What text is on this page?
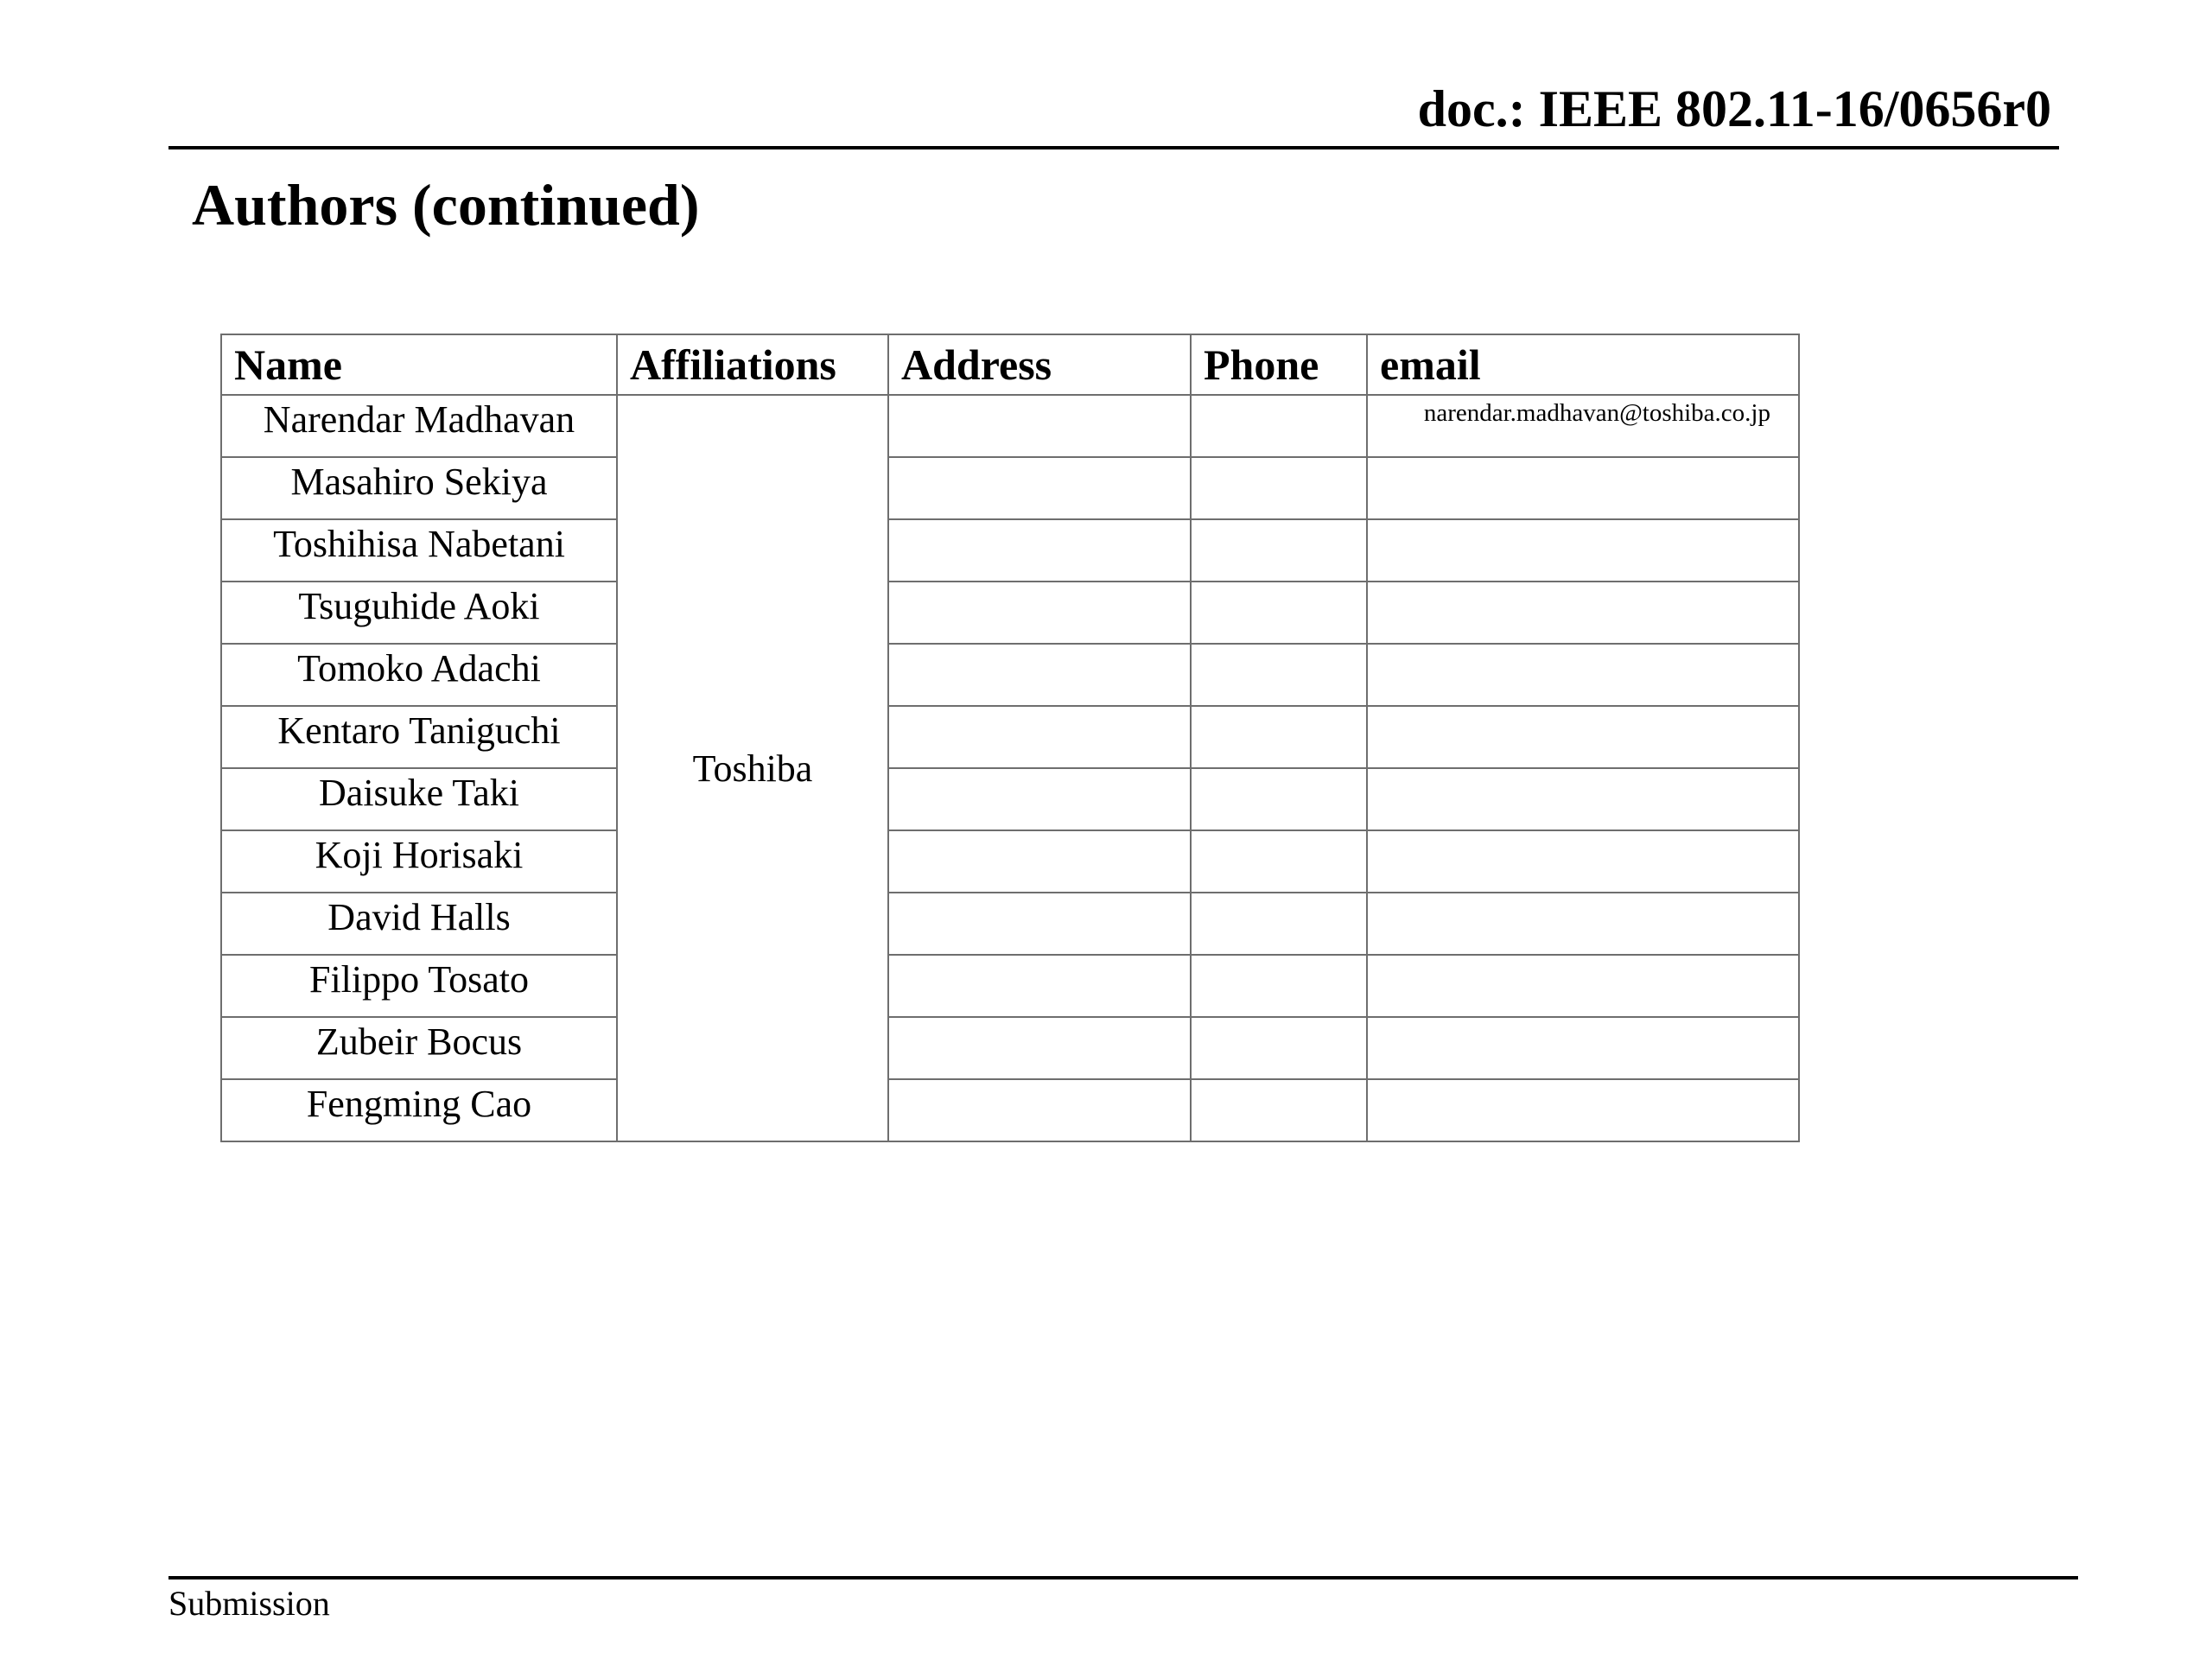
doc.: IEEE 802.11-16/0656r0
Authors (continued)
Name	Affiliations	Address	Phone	email
Narendar Madhavan	Toshiba			narendar.madhavan@toshiba.co.jp
Masahiro Sekiya				
Toshihisa Nabetani				
Tsuguhide Aoki				
Tomoko Adachi				
Kentaro Taniguchi				
Daisuke Taki				
Koji Horisaki				
David Halls				
Filippo Tosato				
Zubeir Bocus				
Fengming Cao				
Submission
